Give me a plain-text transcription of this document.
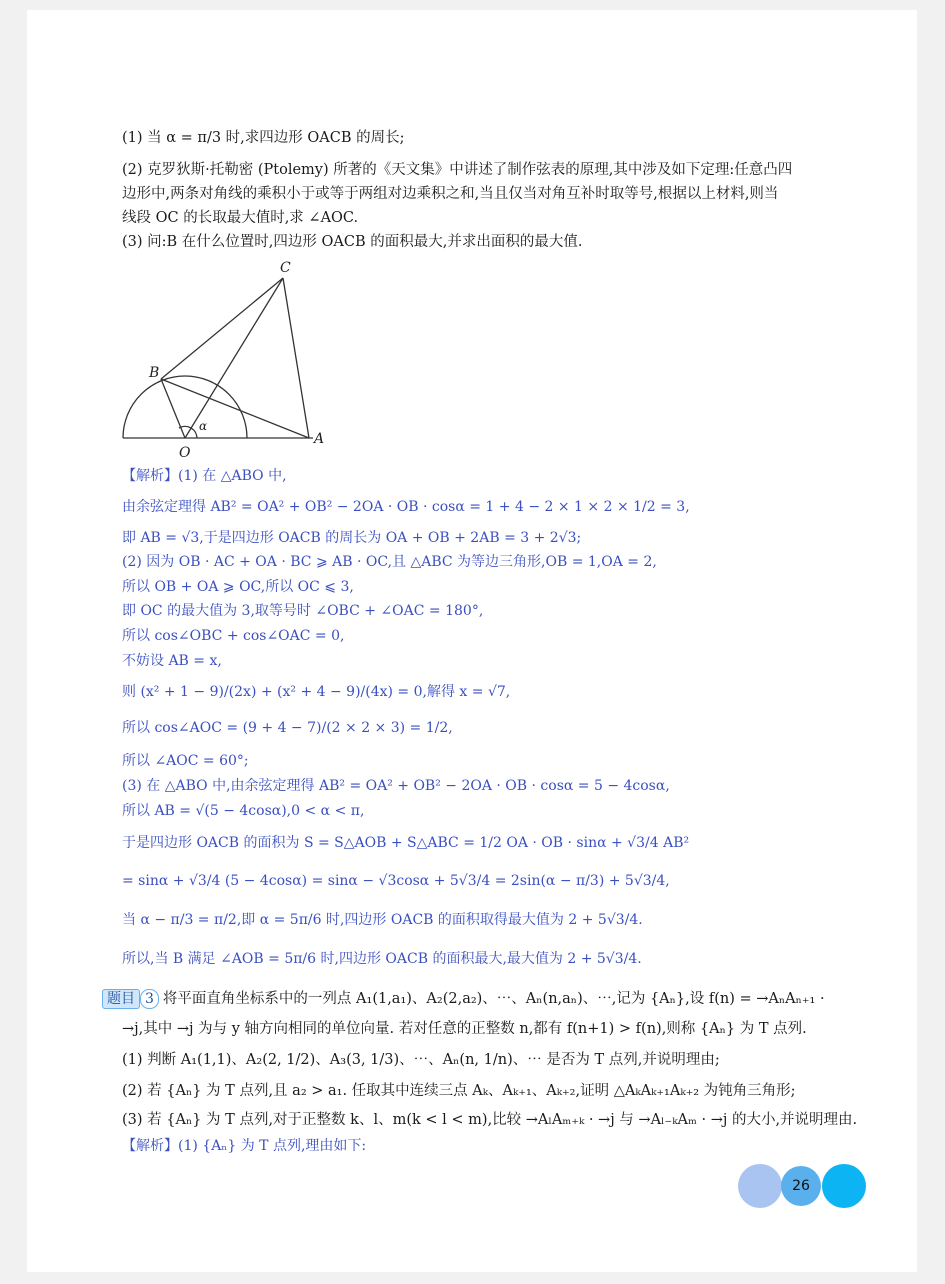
(1) 当 α = π/3 时,求四边形 OACB 的周长;
(2) 克罗狄斯·托勒密 (Ptolemy) 所著的《天文集》中讲述了制作弦表的原理,其中涉及如下定理:任意凸四
边形中,两条对角线的乘积小于或等于两组对边乘积之和,当且仅当对角互补时取等号,根据以上材料,则当
线段 OC 的长取最大值时,求 ∠AOC.
(3) 问:B 在什么位置时,四边形 OACB 的面积最大,并求出面积的最大值.
C
B
O
A
α
【解析】(1) 在 △ABO 中,
由余弦定理得 AB² = OA² + OB² − 2OA · OB · cosα = 1 + 4 − 2 × 1 × 2 × 1/2 = 3,
即 AB = √3,于是四边形 OACB 的周长为 OA + OB + 2AB = 3 + 2√3;
(2) 因为 OB · AC + OA · BC ⩾ AB · OC,且 △ABC 为等边三角形,OB = 1,OA = 2,
所以 OB + OA ⩾ OC,所以 OC ⩽ 3,
即 OC 的最大值为 3,取等号时 ∠OBC + ∠OAC = 180°,
所以 cos∠OBC + cos∠OAC = 0,
不妨设 AB = x,
则 (x² + 1 − 9)/(2x) + (x² + 4 − 9)/(4x) = 0,解得 x = √7,
所以 cos∠AOC = (9 + 4 − 7)/(2 × 2 × 3) = 1/2,
所以 ∠AOC = 60°;
(3) 在 △ABO 中,由余弦定理得 AB² = OA² + OB² − 2OA · OB · cosα = 5 − 4cosα,
所以 AB = √(5 − 4cosα),0 < α < π,
于是四边形 OACB 的面积为 S = S△AOB + S△ABC = 1/2 OA · OB · sinα + √3/4 AB²
= sinα + √3/4 (5 − 4cosα) = sinα − √3cosα + 5√3/4 = 2sin(α − π/3) + 5√3/4,
当 α − π/3 = π/2,即 α = 5π/6 时,四边形 OACB 的面积取得最大值为 2 + 5√3/4.
所以,当 B 满足 ∠AOB = 5π/6 时,四边形 OACB 的面积最大,最大值为 2 + 5√3/4.
题目 3 将平面直角坐标系中的一列点 A₁(1,a₁)、A₂(2,a₂)、⋯、Aₙ(n,aₙ)、⋯,记为 {Aₙ},设 f(n) = →AₙAₙ₊₁ ·
→j,其中 →j 为与 y 轴方向相同的单位向量. 若对任意的正整数 n,都有 f(n+1) > f(n),则称 {Aₙ} 为 T 点列.
(1) 判断 A₁(1,1)、A₂(2, 1/2)、A₃(3, 1/3)、⋯、Aₙ(n, 1/n)、⋯ 是否为 T 点列,并说明理由;
(2) 若 {Aₙ} 为 T 点列,且 a₂ > a₁. 任取其中连续三点 Aₖ、Aₖ₊₁、Aₖ₊₂,证明 △AₖAₖ₊₁Aₖ₊₂ 为钝角三角形;
(3) 若 {Aₙ} 为 T 点列,对于正整数 k、l、m(k < l < m),比较 →AₗAₘ₊ₖ · →j 与 →Aₗ₋ₖAₘ · →j 的大小,并说明理由.
【解析】(1) {Aₙ} 为 T 点列,理由如下:
26
